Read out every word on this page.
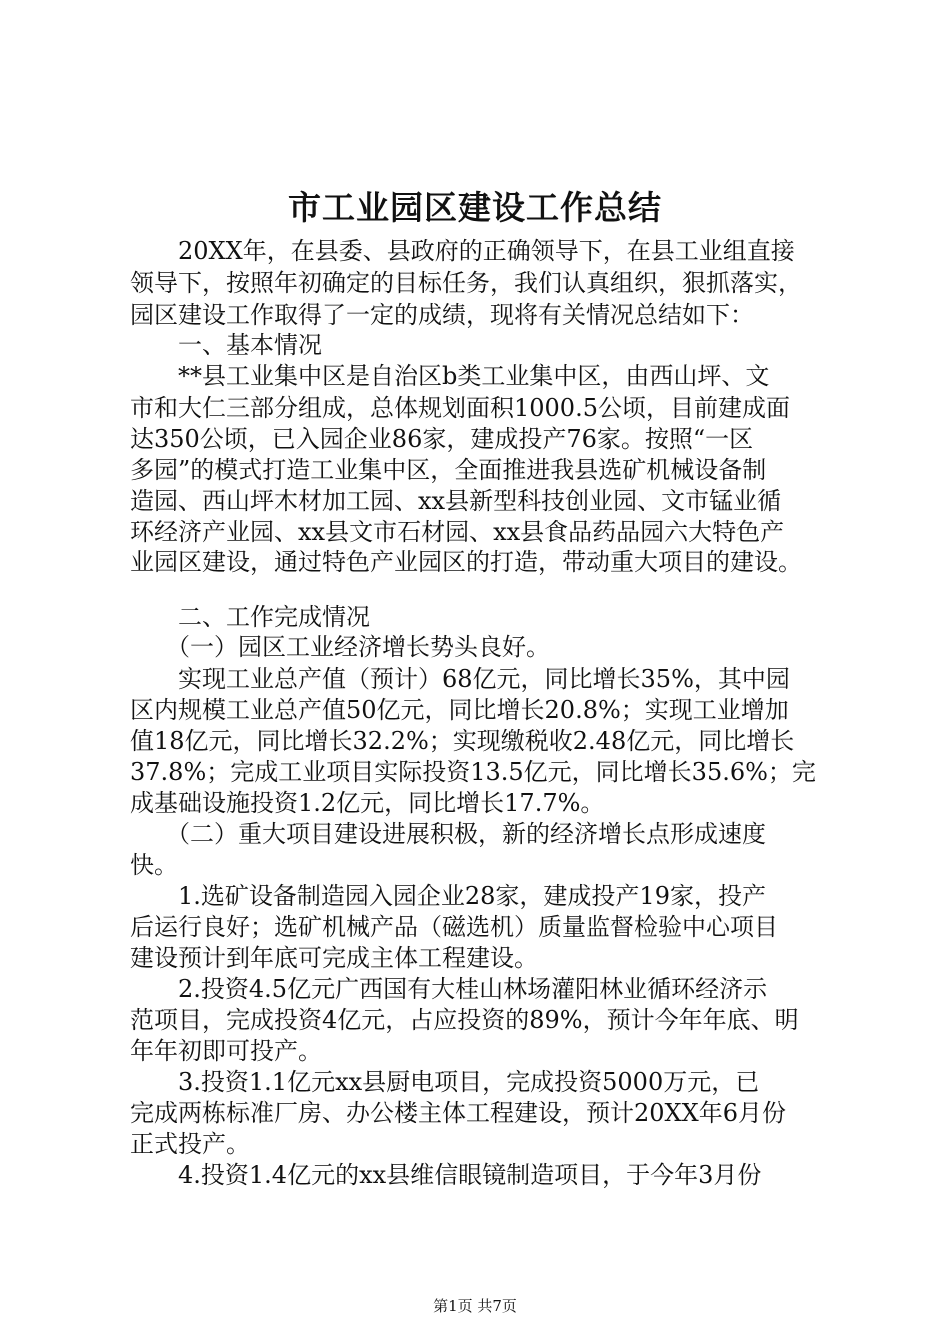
市工业园区建设工作总结

　　20XX年，在县委、县政府的正确领导下，在县工业组直接

领导下，按照年初确定的目标任务，我们认真组织，狠抓落实，

园区建设工作取得了一定的成绩，现将有关情况总结如下：

　　一、基本情况

　　**县工业集中区是自治区b类工业集中区，由西山坪、文

市和大仁三部分组成，总体规划面积1000.5公顷，目前建成面

达350公顷，已入园企业86家，建成投产76家。按照“一区

多园”的模式打造工业集中区，全面推进我县选矿机械设备制

造园、西山坪木材加工园、xx县新型科技创业园、文市锰业循

环经济产业园、xx县文市石材园、xx县食品药品园六大特色产

业园区建设，通过特色产业园区的打造，带动重大项目的建设。

　　二、工作完成情况

　　（一）园区工业经济增长势头良好。

　　实现工业总产值（预计）68亿元，同比增长35%，其中园

区内规模工业总产值50亿元，同比增长20.8%；实现工业增加

值18亿元，同比增长32.2%；实现缴税收2.48亿元，同比增长

37.8%；完成工业项目实际投资13.5亿元，同比增长35.6%；完

成基础设施投资1.2亿元，同比增长17.7%。

　　（二）重大项目建设进展积极，新的经济增长点形成速度

快。

　　1.选矿设备制造园入园企业28家，建成投产19家，投产

后运行良好；选矿机械产品（磁选机）质量监督检验中心项目

建设预计到年底可完成主体工程建设。

　　2.投资4.5亿元广西国有大桂山林场灌阳林业循环经济示

范项目，完成投资4亿元，占应投资的89%，预计今年年底、明

年年初即可投产。

　　3.投资1.1亿元xx县厨电项目，完成投资5000万元，已

完成两栋标准厂房、办公楼主体工程建设，预计20XX年6月份

正式投产。

　　4.投资1.4亿元的xx县维信眼镜制造项目，于今年3月份

第1页 共7页
